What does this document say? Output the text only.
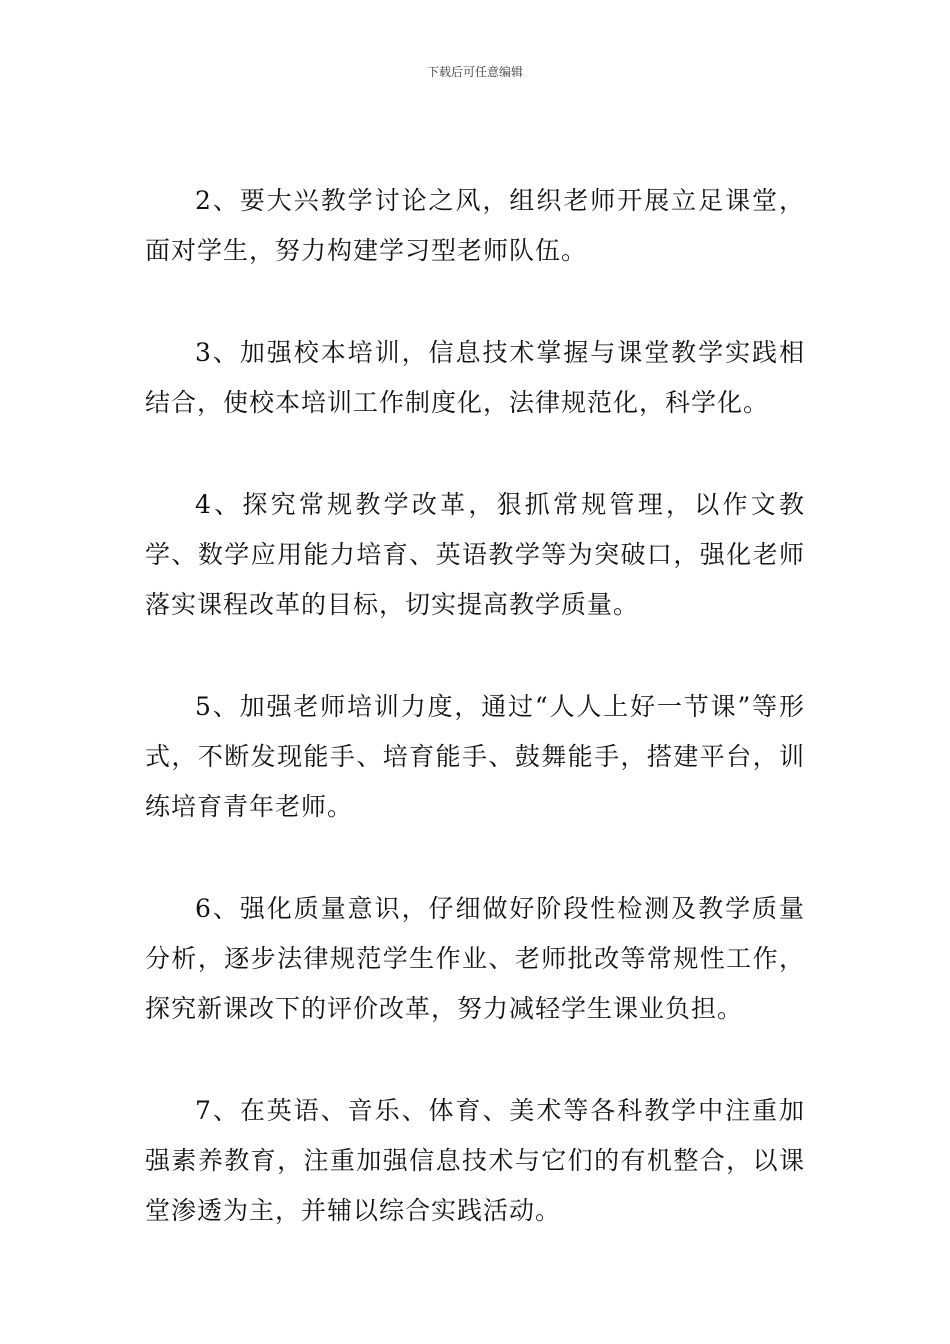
下载后可任意编辑

2、要大兴教学讨论之风，组织老师开展立足课堂，面对学生，努力构建学习型老师队伍。

3、加强校本培训，信息技术掌握与课堂教学实践相结合，使校本培训工作制度化，法律规范化，科学化。

4、探究常规教学改革，狠抓常规管理，以作文教学、数学应用能力培育、英语教学等为突破口，强化老师落实课程改革的目标，切实提高教学质量。

5、加强老师培训力度，通过“人人上好一节课”等形式，不断发现能手、培育能手、鼓舞能手，搭建平台，训练培育青年老师。

6、强化质量意识，仔细做好阶段性检测及教学质量分析，逐步法律规范学生作业、老师批改等常规性工作，探究新课改下的评价改革，努力减轻学生课业负担。

7、在英语、音乐、体育、美术等各科教学中注重加强素养教育，注重加强信息技术与它们的有机整合，以课堂渗透为主，并辅以综合实践活动。
